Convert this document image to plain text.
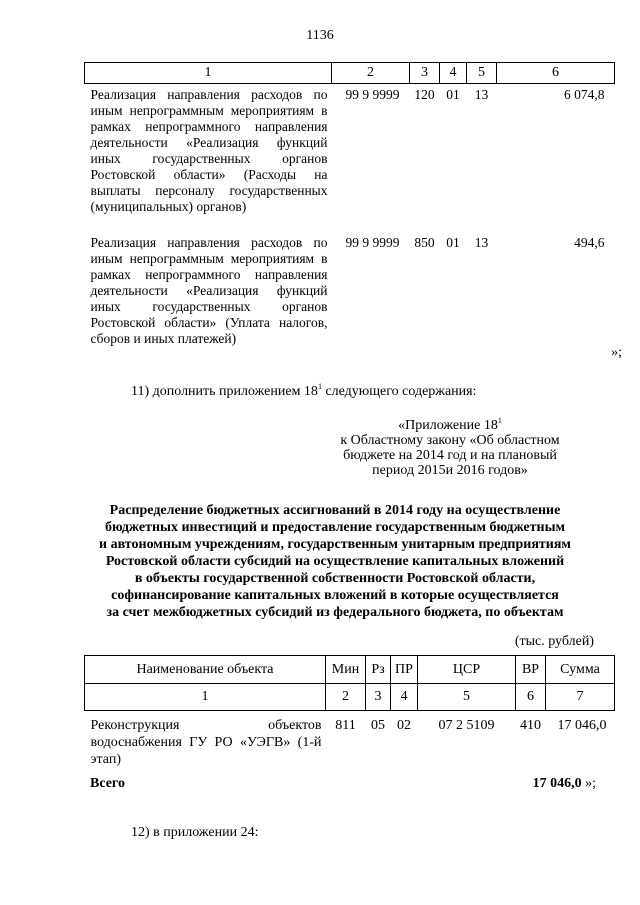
1136
1	2	3	4	5	6
Реализация направления расходов по иным непрограммным мероприятиям в рамках непрограммного направления деятельности «Реализация функций иных государственных органов Ростовской области» (Расходы на выплаты персоналу государственных (муниципальных) органов)	99 9 9999	120	01	13	6 074,8
Реализация направления расходов по иным непрограммным мероприятиям в рамках непрограммного направления деятельности «Реализация функций иных государственных органов Ростовской области» (Уплата налогов, сборов и иных платежей)	99 9 9999	850	01	13	494,6
»;
11) дополнить приложением $18^1$ следующего содержания:
«Приложение $18^1$
к Областному закону «Об областном
бюджете на 2014 год и на плановый
период 2015и 2016 годов»
Распределение бюджетных ассигнований в 2014 году на осуществление
бюджетных инвестиций и предоставление государственным бюджетным
и автономным учреждениям, государственным унитарным предприятиям
Ростовской области субсидий на осуществление капитальных вложений
в объекты государственной собственности Ростовской области,
софинансирование капитальных вложений в которые осуществляется
за счет межбюджетных субсидий из федерального бюджета, по объектам
(тыс. рублей)
Наименование объекта	Мин	Рз	ПР	ЦСР	ВР	Сумма
1	2	3	4	5	6	7
Реконструкция объектов водоснабжения ГУ РО «УЭГВ» (1-й этап)	811	05	02	07 2 5109	410	17 046,0
Всего	17 046,0 »;
12) в приложении 24:
